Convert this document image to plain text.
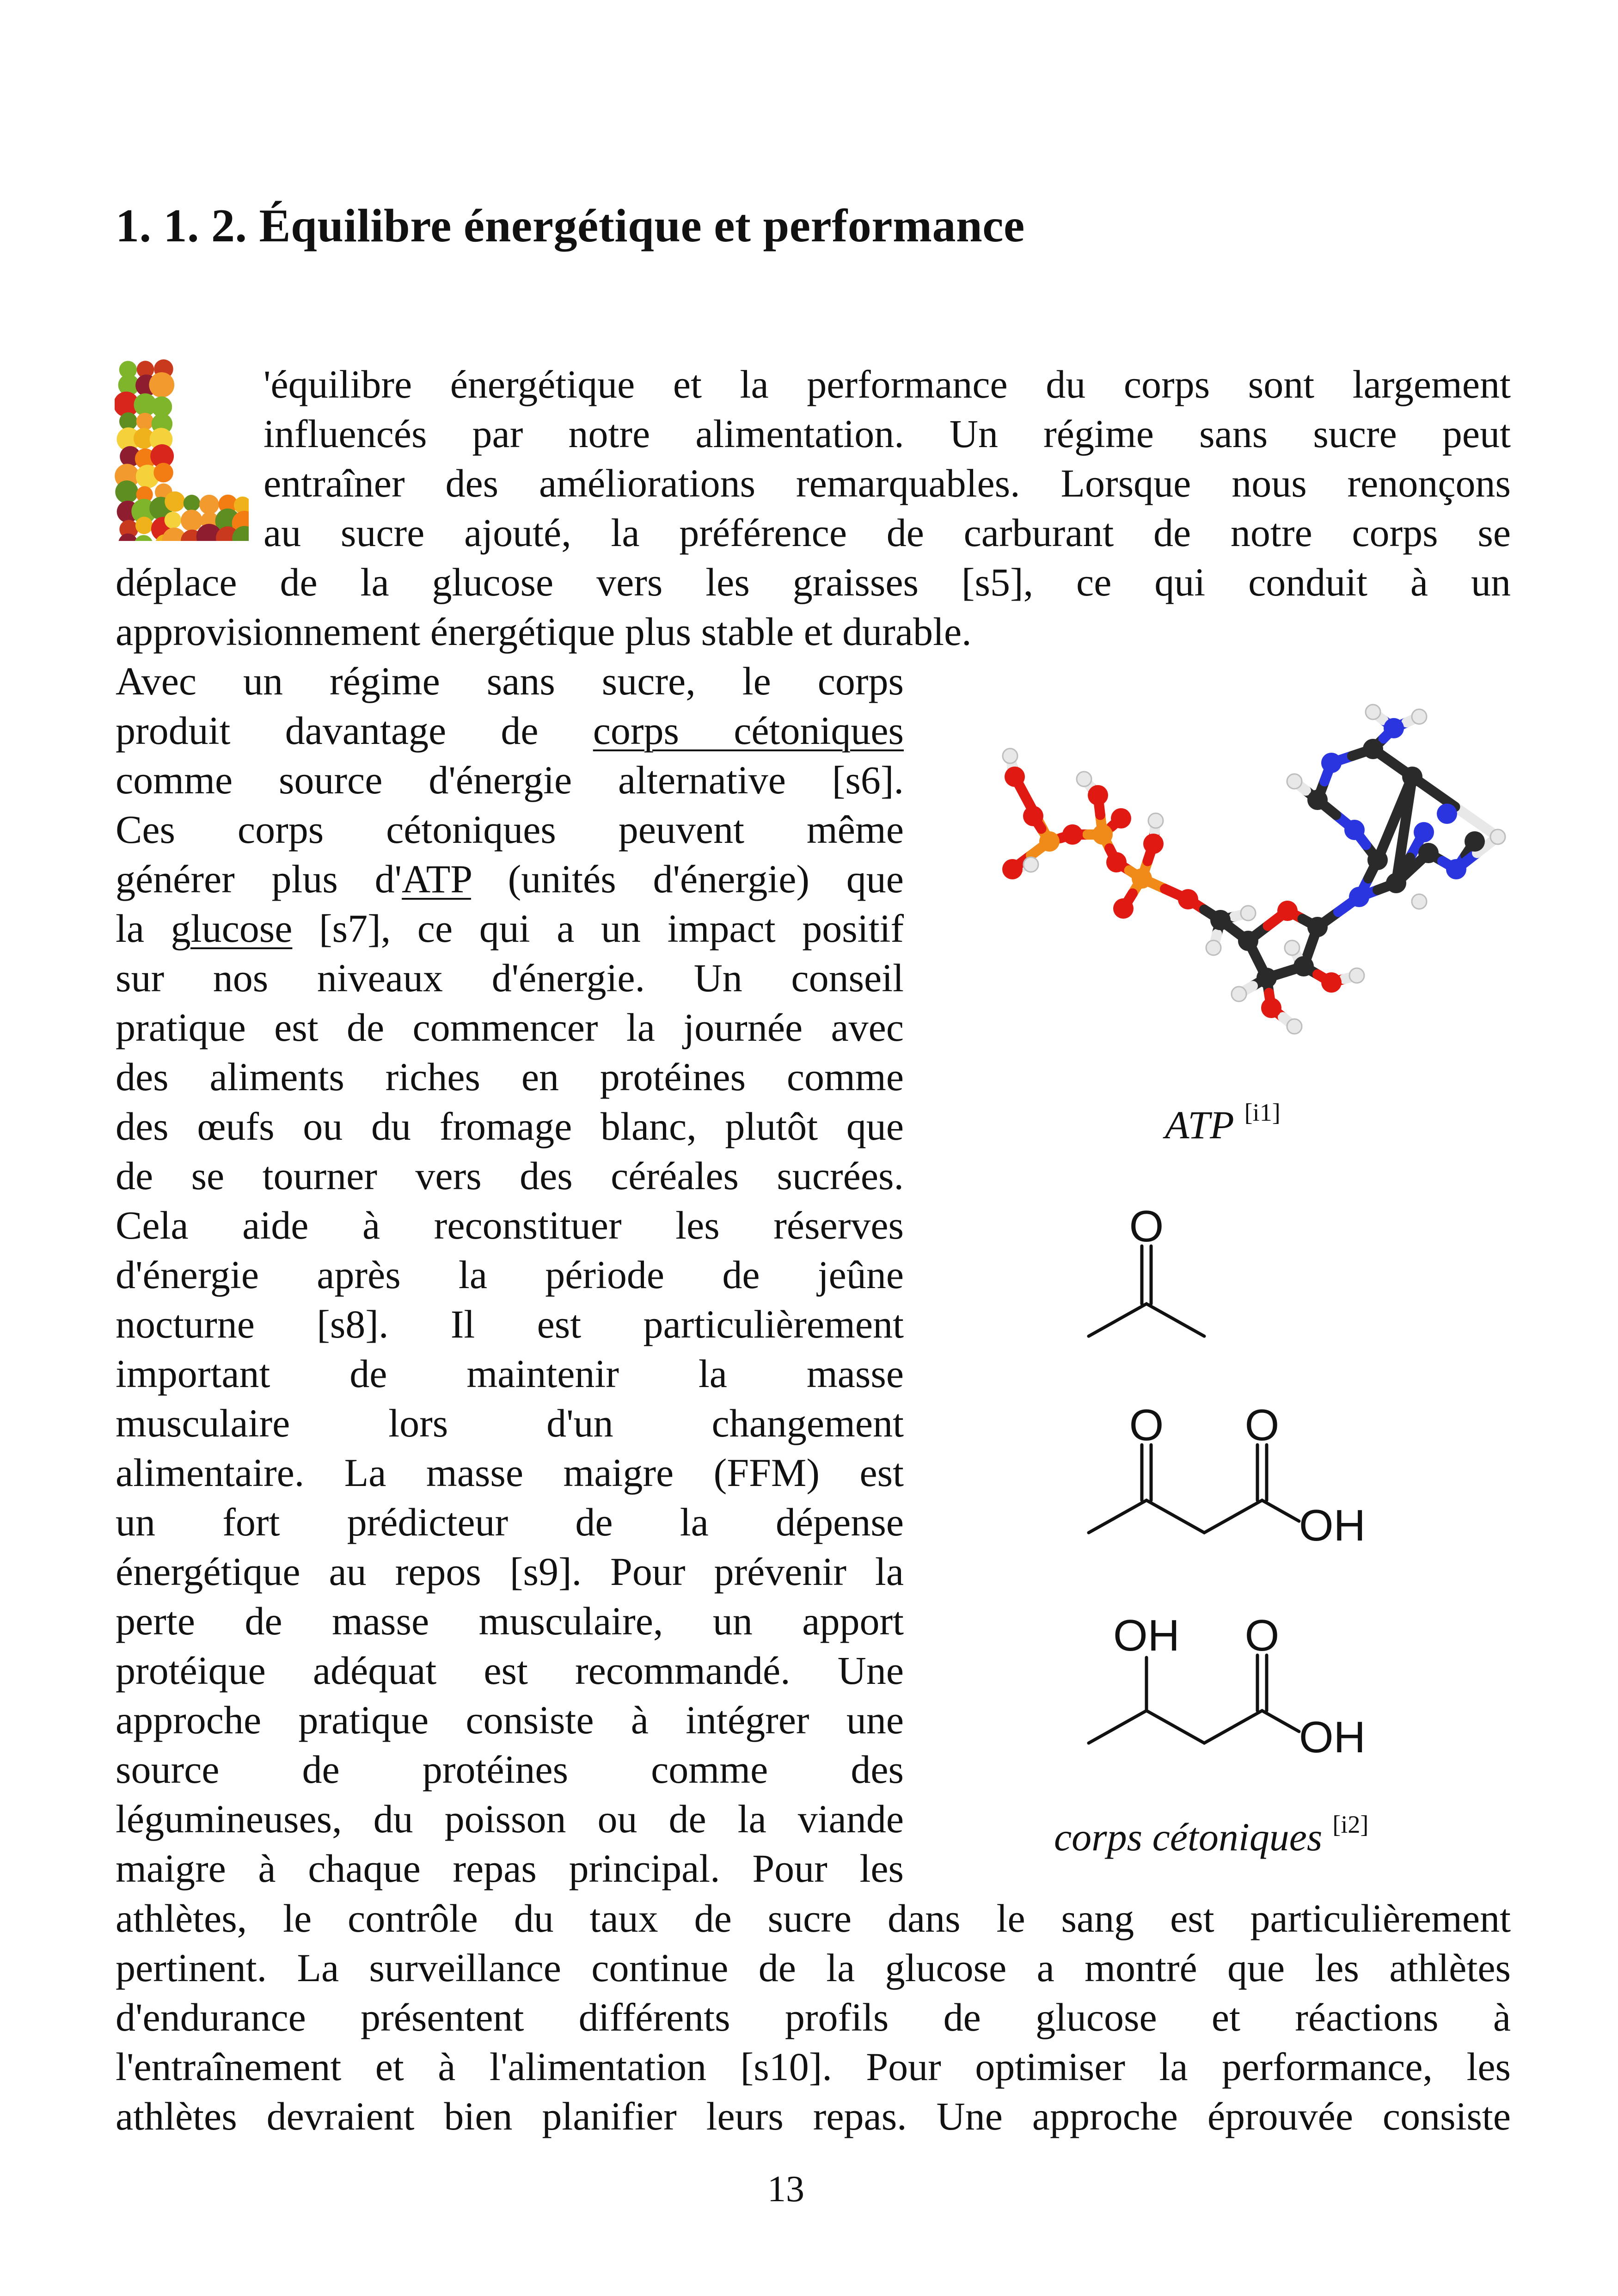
1. 1. 2. Équilibre énergétique et performance

'équilibre énergétique et la performance du corps sont largement

influencés par notre alimentation. Un régime sans sucre peut

entraîner des améliorations remarquables. Lorsque nous renonçons

au sucre ajouté, la préférence de carburant de notre corps se

déplace de la glucose vers les graisses [s5], ce qui conduit à un

approvisionnement énergétique plus stable et durable.

Avec un régime sans sucre, le corps

produit davantage de corps cétoniques

comme source d'énergie alternative [s6].

Ces corps cétoniques peuvent même

générer plus d'ATP (unités d'énergie) que

la glucose [s7], ce qui a un impact positif

sur nos niveaux d'énergie. Un conseil

pratique est de commencer la journée avec

des aliments riches en protéines comme

des œufs ou du fromage blanc, plutôt que

de se tourner vers des céréales sucrées.

Cela aide à reconstituer les réserves

d'énergie après la période de jeûne

nocturne [s8]. Il est particulièrement

important de maintenir la masse

musculaire lors d'un changement

alimentaire. La masse maigre (FFM) est

un fort prédicteur de la dépense

énergétique au repos [s9]. Pour prévenir la

perte de masse musculaire, un apport

protéique adéquat est recommandé. Une

approche pratique consiste à intégrer une

source de protéines comme des

légumineuses, du poisson ou de la viande

maigre à chaque repas principal. Pour les

athlètes, le contrôle du taux de sucre dans le sang est particulièrement

pertinent. La surveillance continue de la glucose a montré que les athlètes

d'endurance présentent différents profils de glucose et réactions à

l'entraînement et à l'alimentation [s10]. Pour optimiser la performance, les

athlètes devraient bien planifier leurs repas. Une approche éprouvée consiste

ATP [i1]
O
O O
OH
OH O
OH
corps cétoniques [i2]
13
